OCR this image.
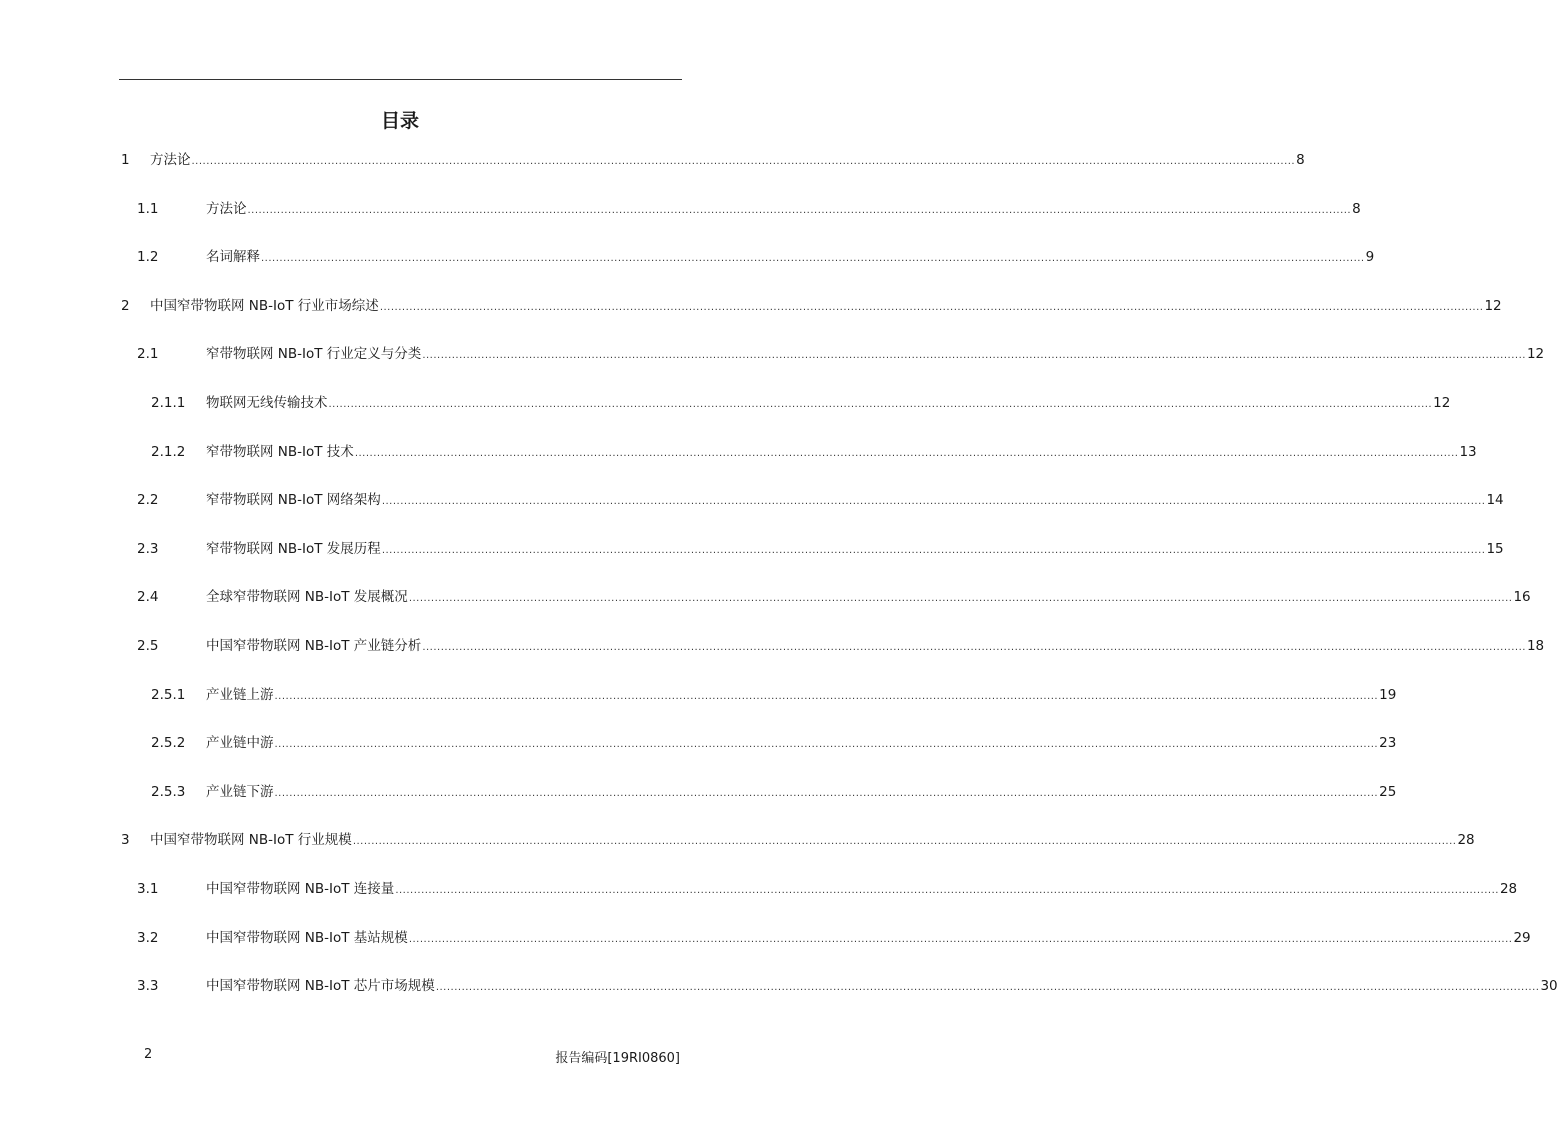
目录
1	方法论 ............................................................................................................................................................................................................................................................................................................ 8
1.1	方法论 ............................................................................................................................................................................................................................................................................................................ 8
1.2	名词解释 ............................................................................................................................................................................................................................................................................................................ 9
2	中国窄带物联网 NB-IoT 行业市场综述 ............................................................................................................................................................................................................................................................................................................ 12
2.1	窄带物联网 NB-IoT 行业定义与分类 ............................................................................................................................................................................................................................................................................................................ 12
2.1.1	物联网无线传输技术 ............................................................................................................................................................................................................................................................................................................ 12
2.1.2	窄带物联网 NB-IoT 技术 ............................................................................................................................................................................................................................................................................................................ 13
2.2	窄带物联网 NB-IoT 网络架构 ............................................................................................................................................................................................................................................................................................................ 14
2.3	窄带物联网 NB-IoT 发展历程 ............................................................................................................................................................................................................................................................................................................ 15
2.4	全球窄带物联网 NB-IoT 发展概况 ............................................................................................................................................................................................................................................................................................................ 16
2.5	中国窄带物联网 NB-IoT 产业链分析 ............................................................................................................................................................................................................................................................................................................ 18
2.5.1	产业链上游 ............................................................................................................................................................................................................................................................................................................ 19
2.5.2	产业链中游 ............................................................................................................................................................................................................................................................................................................ 23
2.5.3	产业链下游 ............................................................................................................................................................................................................................................................................................................ 25
3	中国窄带物联网 NB-IoT 行业规模 ............................................................................................................................................................................................................................................................................................................ 28
3.1	中国窄带物联网 NB-IoT 连接量 ............................................................................................................................................................................................................................................................................................................ 28
3.2	中国窄带物联网 NB-IoT 基站规模 ............................................................................................................................................................................................................................................................................................................ 29
3.3	中国窄带物联网 NB-IoT 芯片市场规模 ............................................................................................................................................................................................................................................................................................................ 30
2	报告编码[19RI0860]
